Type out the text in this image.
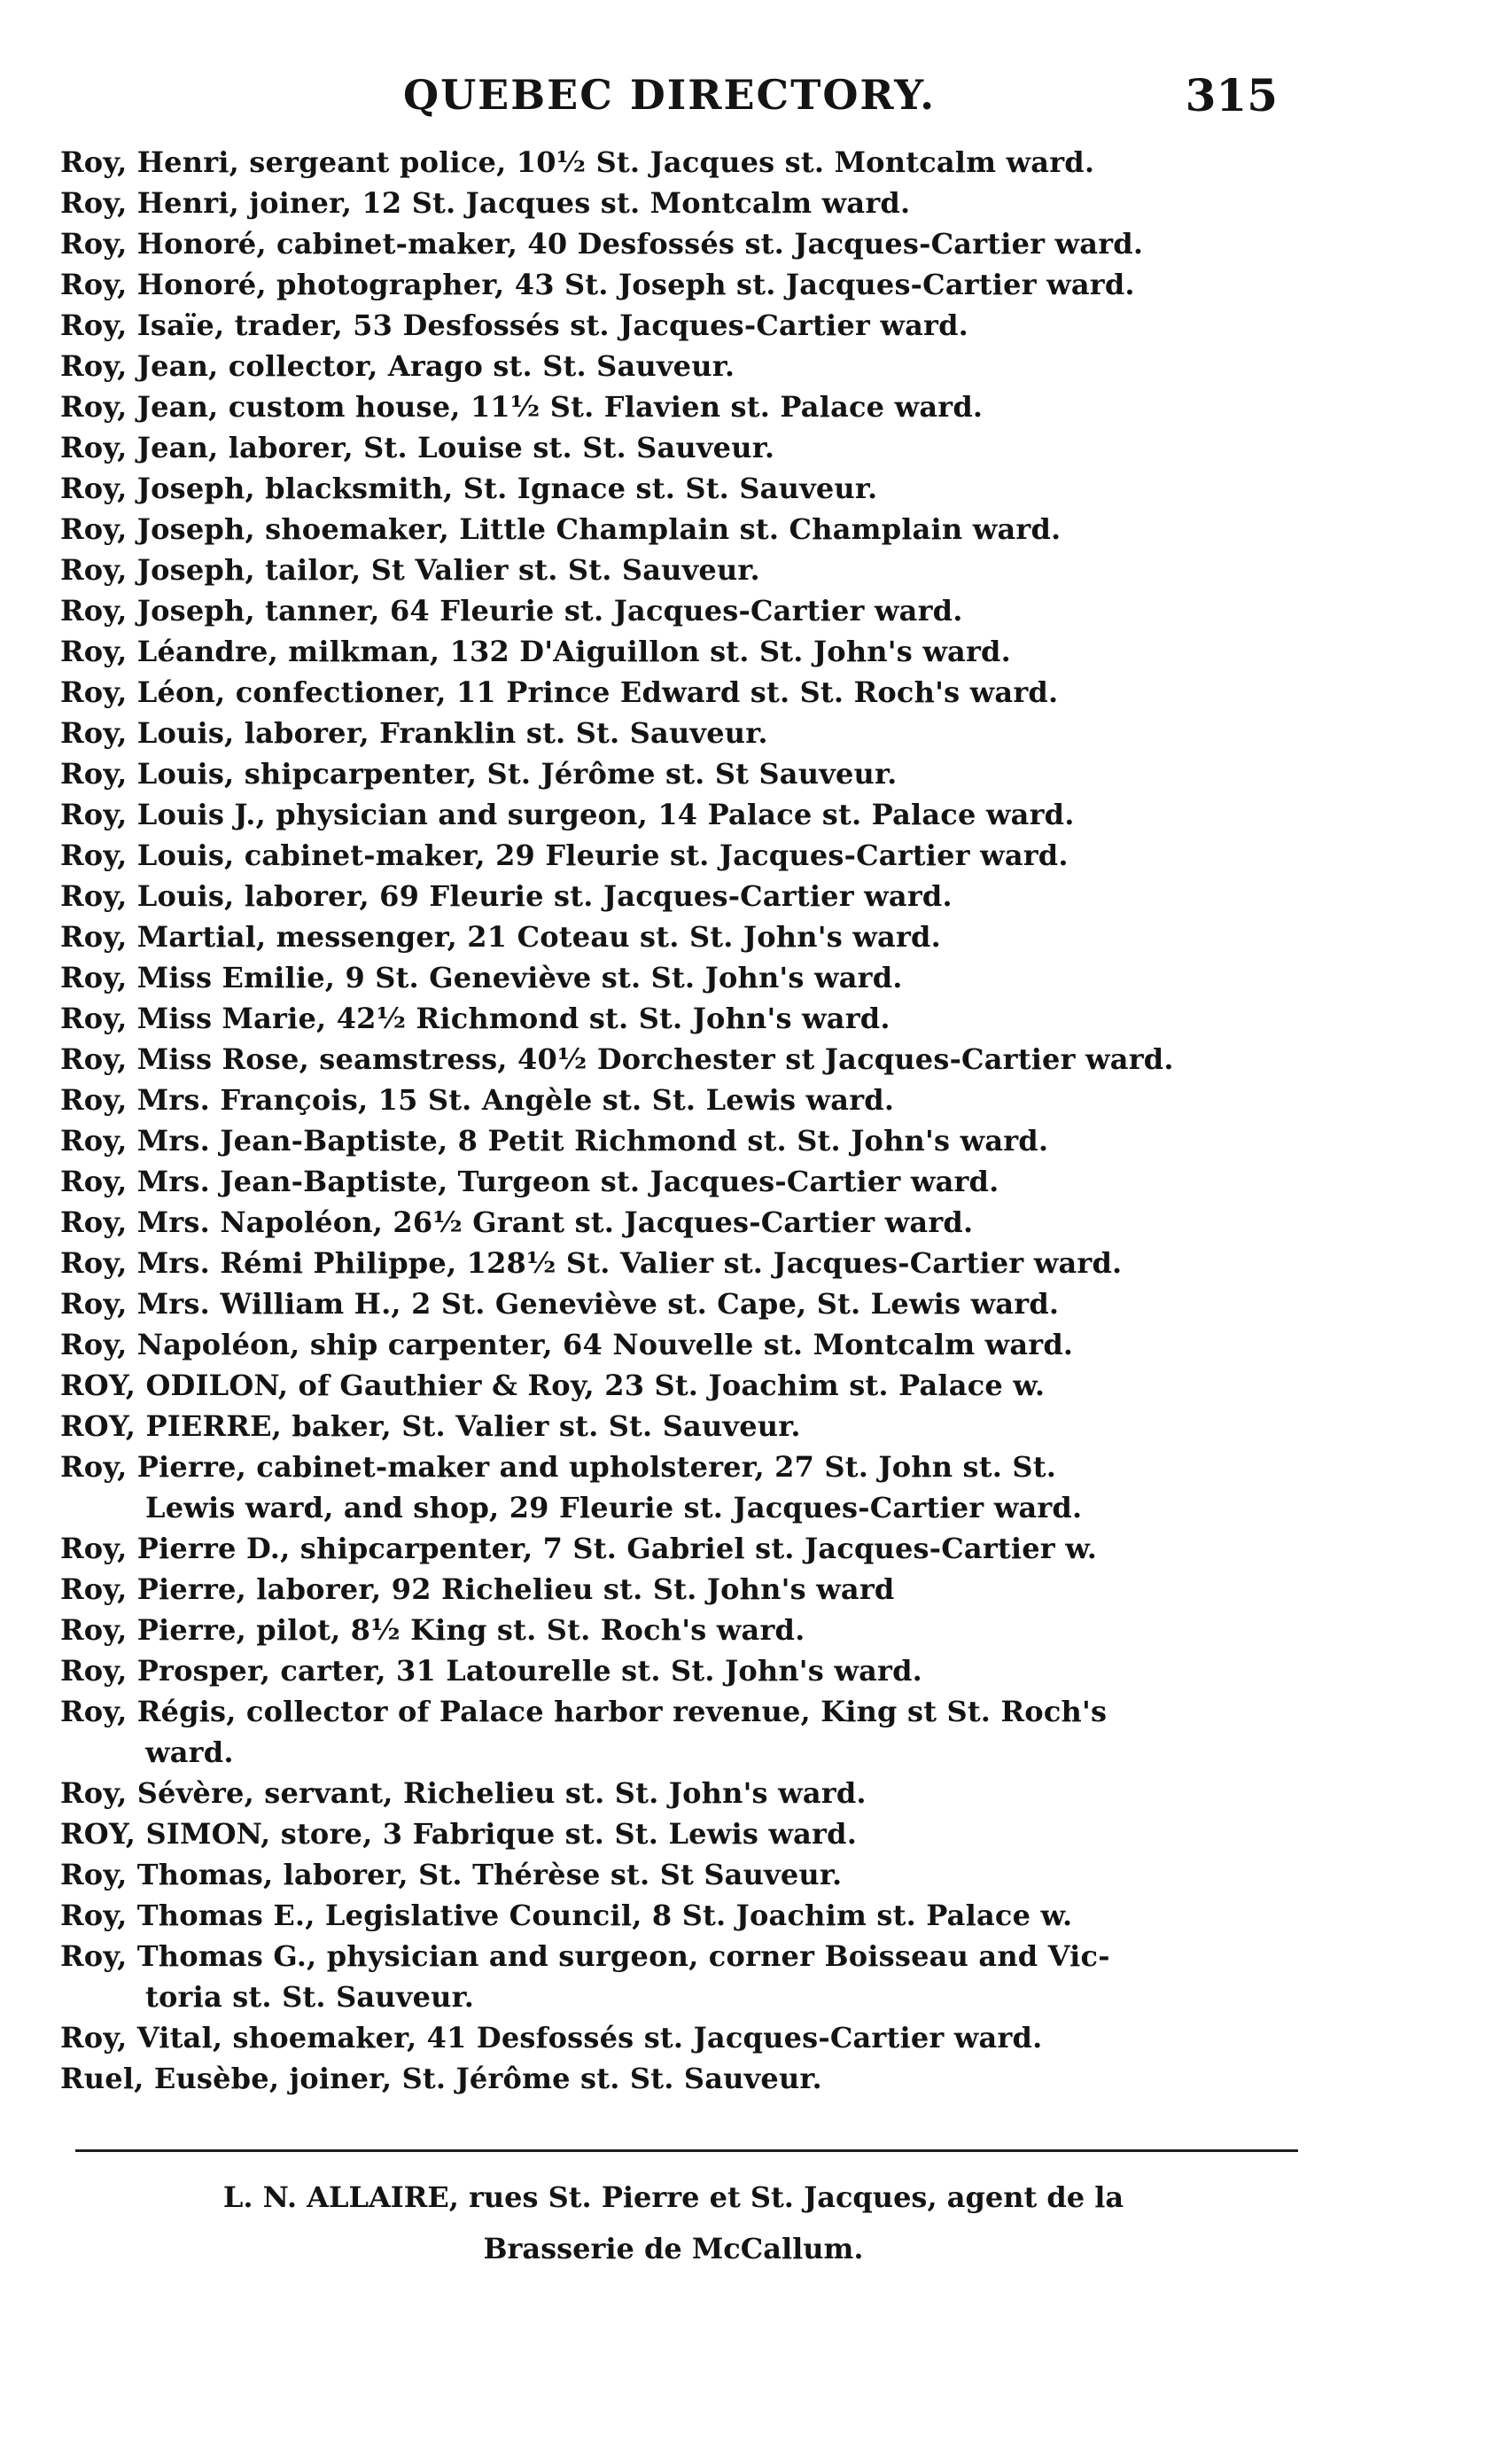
QUEBEC DIRECTORY.	315
Roy, Henri, sergeant police, 10½ St. Jacques st. Montcalm ward.
Roy, Henri, joiner, 12 St. Jacques st. Montcalm ward.
Roy, Honoré, cabinet-maker, 40 Desfossés st. Jacques-Cartier ward.
Roy, Honoré, photographer, 43 St. Joseph st. Jacques-Cartier ward.
Roy, Isaïe, trader, 53 Desfossés st. Jacques-Cartier ward.
Roy, Jean, collector, Arago st. St. Sauveur.
Roy, Jean, custom house, 11½ St. Flavien st. Palace ward.
Roy, Jean, laborer, St. Louise st. St. Sauveur.
Roy, Joseph, blacksmith, St. Ignace st. St. Sauveur.
Roy, Joseph, shoemaker, Little Champlain st. Champlain ward.
Roy, Joseph, tailor, St Valier st. St. Sauveur.
Roy, Joseph, tanner, 64 Fleurie st. Jacques-Cartier ward.
Roy, Léandre, milkman, 132 D'Aiguillon st. St. John's ward.
Roy, Léon, confectioner, 11 Prince Edward st. St. Roch's ward.
Roy, Louis, laborer, Franklin st. St. Sauveur.
Roy, Louis, shipcarpenter, St. Jérôme st. St Sauveur.
Roy, Louis J., physician and surgeon, 14 Palace st. Palace ward.
Roy, Louis, cabinet-maker, 29 Fleurie st. Jacques-Cartier ward.
Roy, Louis, laborer, 69 Fleurie st. Jacques-Cartier ward.
Roy, Martial, messenger, 21 Coteau st. St. John's ward.
Roy, Miss Emilie, 9 St. Geneviève st. St. John's ward.
Roy, Miss Marie, 42½ Richmond st. St. John's ward.
Roy, Miss Rose, seamstress, 40½ Dorchester st Jacques-Cartier ward.
Roy, Mrs. François, 15 St. Angèle st. St. Lewis ward.
Roy, Mrs. Jean-Baptiste, 8 Petit Richmond st. St. John's ward.
Roy, Mrs. Jean-Baptiste, Turgeon st. Jacques-Cartier ward.
Roy, Mrs. Napoléon, 26½ Grant st. Jacques-Cartier ward.
Roy, Mrs. Rémi Philippe, 128½ St. Valier st. Jacques-Cartier ward.
Roy, Mrs. William H., 2 St. Geneviève st. Cape, St. Lewis ward.
Roy, Napoléon, ship carpenter, 64 Nouvelle st. Montcalm ward.
ROY, ODILON, of Gauthier & Roy, 23 St. Joachim st. Palace w.
ROY, PIERRE, baker, St. Valier st. St. Sauveur.
Roy, Pierre, cabinet-maker and upholsterer, 27 St. John st. St.
Lewis ward, and shop, 29 Fleurie st. Jacques-Cartier ward.
Roy, Pierre D., shipcarpenter, 7 St. Gabriel st. Jacques-Cartier w.
Roy, Pierre, laborer, 92 Richelieu st. St. John's ward
Roy, Pierre, pilot, 8½ King st. St. Roch's ward.
Roy, Prosper, carter, 31 Latourelle st. St. John's ward.
Roy, Régis, collector of Palace harbor revenue, King st St. Roch's
ward.
Roy, Sévère, servant, Richelieu st. St. John's ward.
ROY, SIMON, store, 3 Fabrique st. St. Lewis ward.
Roy, Thomas, laborer, St. Thérèse st. St Sauveur.
Roy, Thomas E., Legislative Council, 8 St. Joachim st. Palace w.
Roy, Thomas G., physician and surgeon, corner Boisseau and Vic-
toria st. St. Sauveur.
Roy, Vital, shoemaker, 41 Desfossés st. Jacques-Cartier ward.
Ruel, Eusèbe, joiner, St. Jérôme st. St. Sauveur.
L. N. ALLAIRE, rues St. Pierre et St. Jacques, agent de la
Brasserie de McCallum.
